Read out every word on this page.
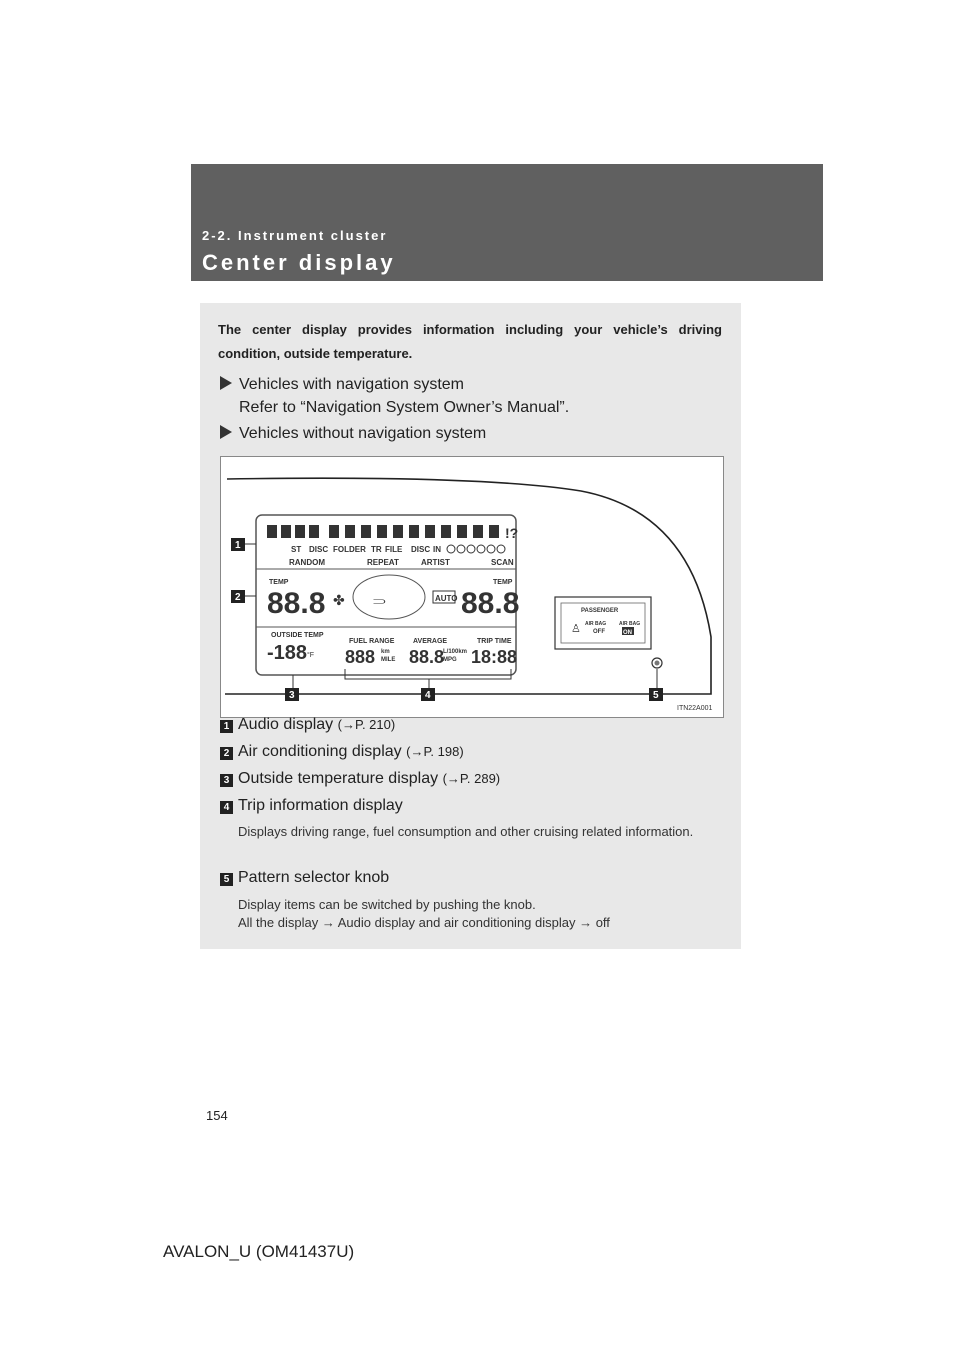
2-2. Instrument cluster
Center display
The center display provides information including your vehicle’s driving condition, outside temperature.
Vehicles with navigation system
Refer to “Navigation System Owner’s Manual”.
Vehicles without navigation system
!?
ST DISC FOLDER TR FILE DISC IN
RANDOM	REPEAT	ARTIST	SCAN
TEMP
88.8
TEMP
88.8
✤ ⥰	AUTO
OUTSIDE TEMP
-188 °F
FUEL RANGE
888 km
MILE
AVERAGE
88.8
L/100km
MPG
TRIP TIME
18:88
1
2
3	4	5
PASSENGER
♙ AIR BAG
OFF
AIR BAG
ON
ITN22A001
1 Audio display (→P. 210)
2 Air conditioning display (→P. 198)
3 Outside temperature display (→P. 289)
4 Trip information display
Displays driving range, fuel consumption and other cruising related information.
5 Pattern selector knob
Display items can be switched by pushing the knob.
All the display → Audio display and air conditioning display → off
154
AVALON_U (OM41437U)
